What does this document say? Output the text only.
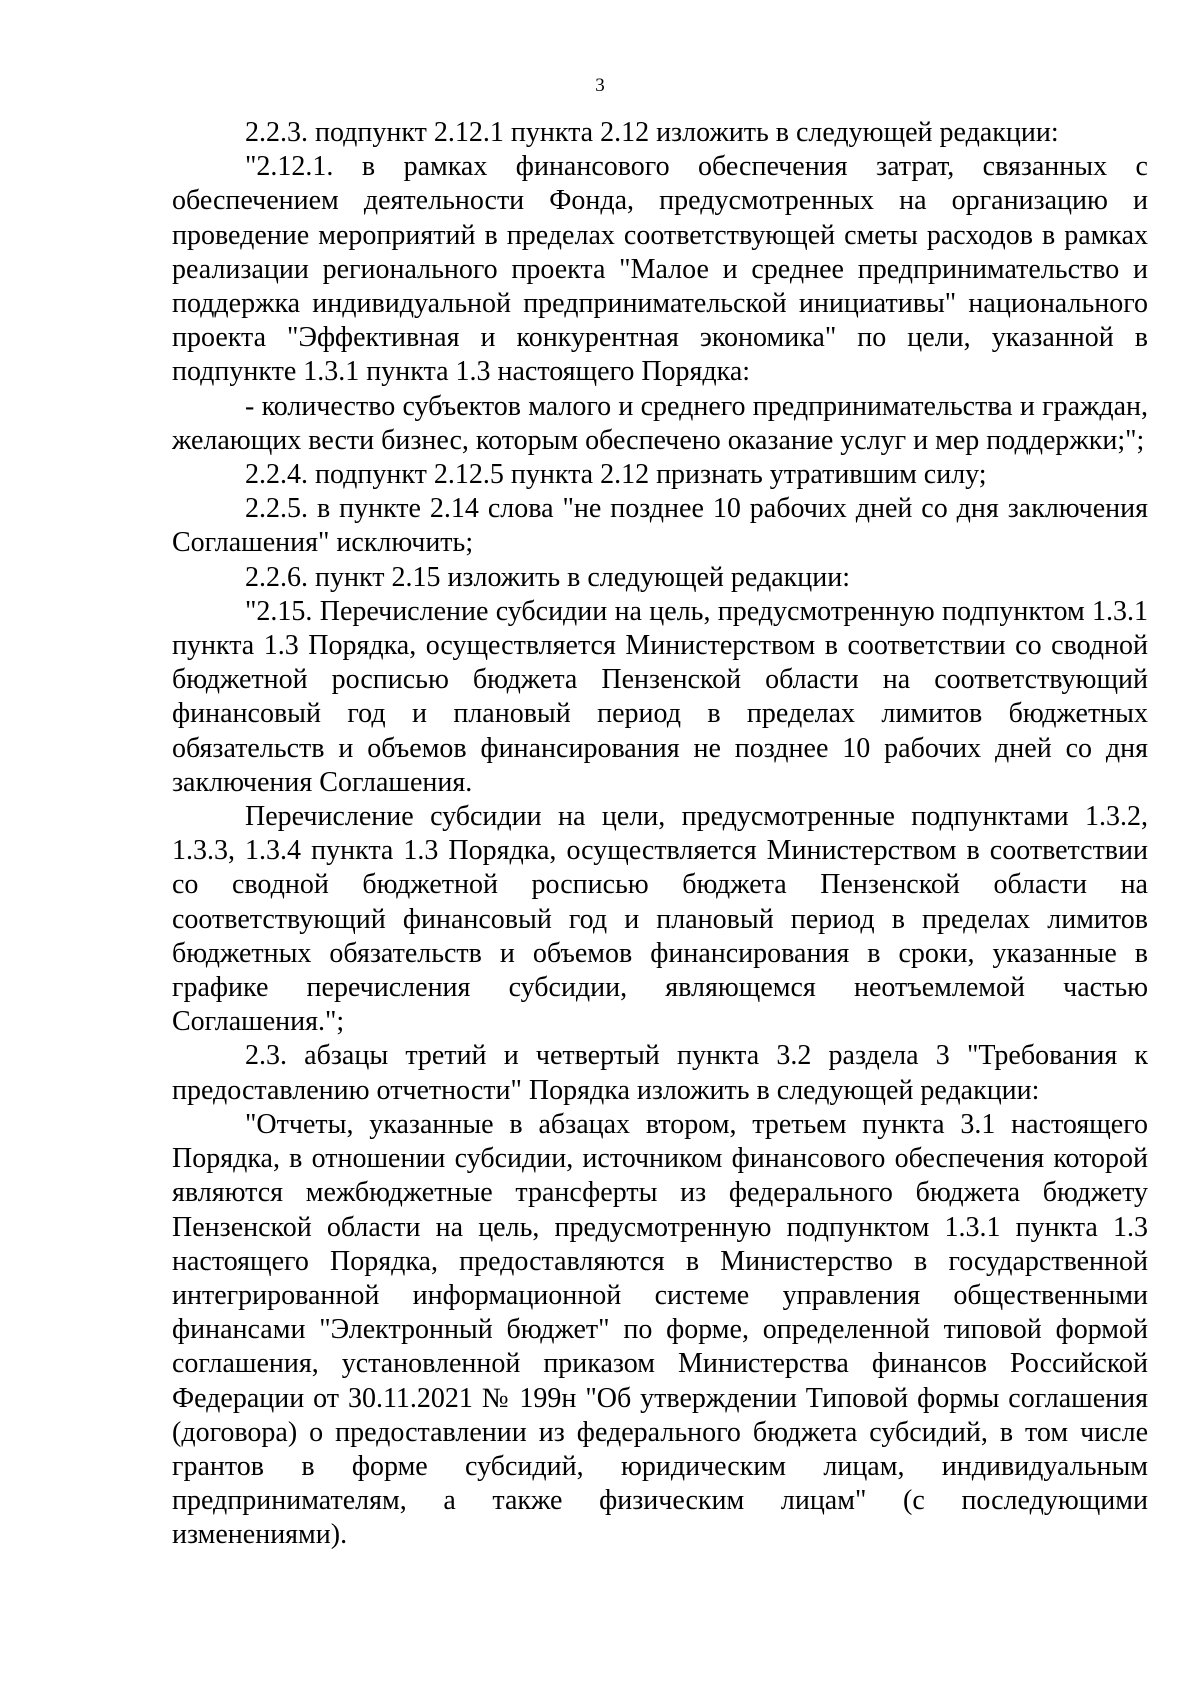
3

2.2.3. подпункт 2.12.1 пункта 2.12 изложить в следующей редакции:

"2.12.1. в рамках финансового обеспечения затрат, связанных с обеспечением деятельности Фонда, предусмотренных на организацию и проведение мероприятий в пределах соответствующей сметы расходов в рамках реализации регионального проекта "Малое и среднее предпринимательство и поддержка индивидуальной предпринимательской инициативы" национального проекта "Эффективная и конкурентная экономика" по цели, указанной в подпункте 1.3.1 пункта 1.3 настоящего Порядка:

- количество субъектов малого и среднего предпринимательства и граждан, желающих вести бизнес, которым обеспечено оказание услуг и мер поддержки;";

2.2.4. подпункт 2.12.5 пункта 2.12 признать утратившим силу;

2.2.5. в пункте 2.14 слова "не позднее 10 рабочих дней со дня заключения Соглашения" исключить;

2.2.6. пункт 2.15 изложить в следующей редакции:

"2.15. Перечисление субсидии на цель, предусмотренную подпунктом 1.3.1 пункта 1.3 Порядка, осуществляется Министерством в соответствии со сводной бюджетной росписью бюджета Пензенской области на соответствующий финансовый год и плановый период в пределах лимитов бюджетных обязательств и объемов финансирования не позднее 10 рабочих дней со дня заключения Соглашения.

Перечисление субсидии на цели, предусмотренные подпунктами 1.3.2, 1.3.3, 1.3.4 пункта 1.3 Порядка, осуществляется Министерством в соответствии со сводной бюджетной росписью бюджета Пензенской области на соответствующий финансовый год и плановый период в пределах лимитов бюджетных обязательств и объемов финансирования в сроки, указанные в графике перечисления субсидии, являющемся неотъемлемой частью Соглашения.";

2.3. абзацы третий и четвертый пункта 3.2 раздела 3 "Требования к предоставлению отчетности" Порядка изложить в следующей редакции:

"Отчеты, указанные в абзацах втором, третьем пункта 3.1 настоящего Порядка, в отношении субсидии, источником финансового обеспечения которой являются межбюджетные трансферты из федерального бюджета бюджету Пензенской области на цель, предусмотренную подпунктом 1.3.1 пункта 1.3 настоящего Порядка, предоставляются в Министерство в государственной интегрированной информационной системе управления общественными финансами "Электронный бюджет" по форме, определенной типовой формой соглашения, установленной приказом Министерства финансов Российской Федерации от 30.11.2021 № 199н "Об утверждении Типовой формы соглашения (договора) о предоставлении из федерального бюджета субсидий, в том числе грантов в форме субсидий, юридическим лицам, индивидуальным предпринимателям, а также физическим лицам" (с последующими изменениями).
